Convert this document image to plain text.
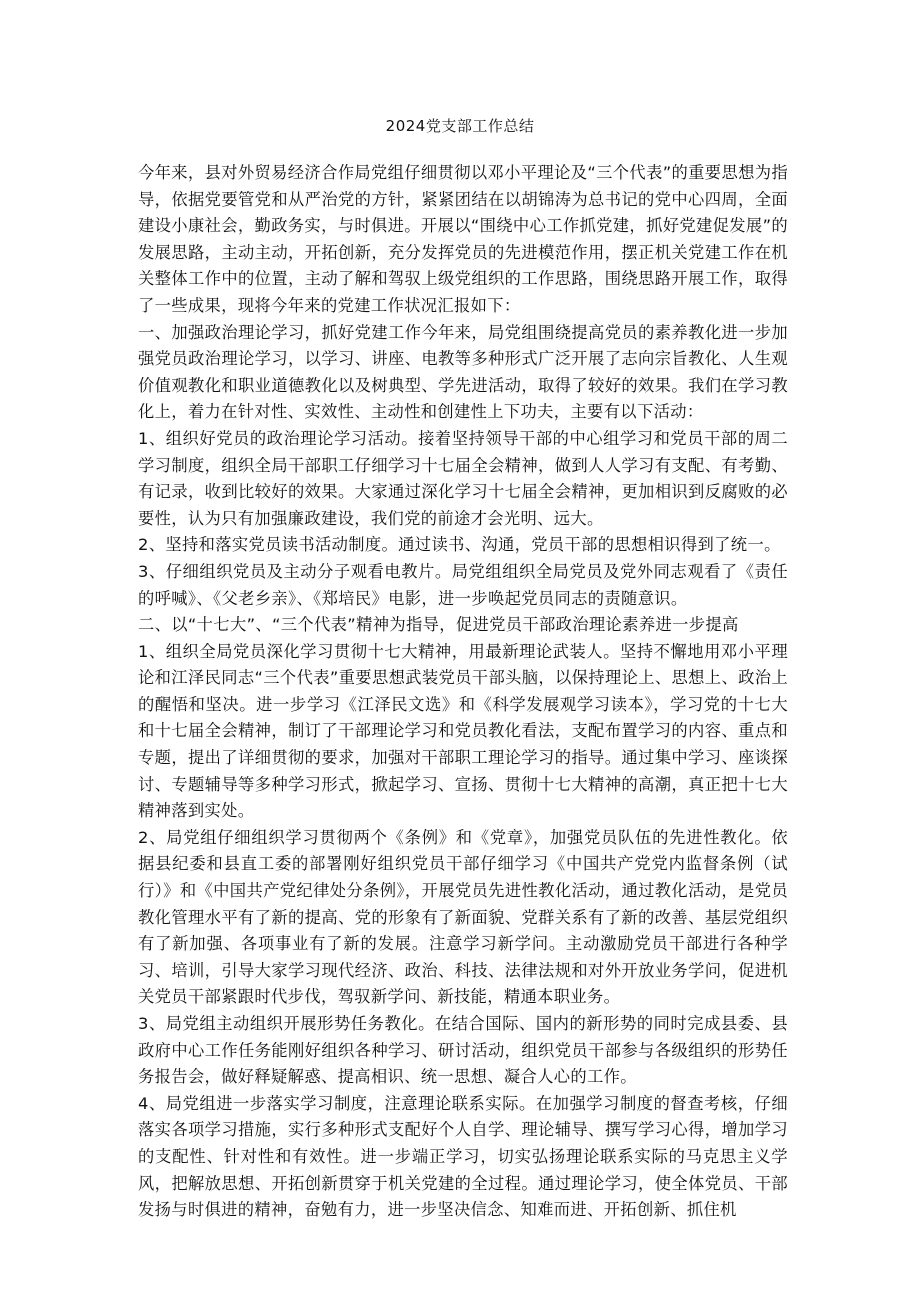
2024党支部工作总结

今年来，县对外贸易经济合作局党组仔细贯彻以邓小平理论及“三个代表”的重要思想为指导，依据党要管党和从严治党的方针，紧紧团结在以胡锦涛为总书记的党中心四周，全面建设小康社会，勤政务实，与时俱进。开展以“围绕中心工作抓党建，抓好党建促发展”的发展思路，主动主动，开拓创新，充分发挥党员的先进模范作用，摆正机关党建工作在机关整体工作中的位置，主动了解和驾驭上级党组织的工作思路，围绕思路开展工作，取得了一些成果，现将今年来的党建工作状况汇报如下：

一、加强政治理论学习，抓好党建工作今年来，局党组围绕提高党员的素养教化进一步加强党员政治理论学习，以学习、讲座、电教等多种形式广泛开展了志向宗旨教化、人生观价值观教化和职业道德教化以及树典型、学先进活动，取得了较好的效果。我们在学习教化上，着力在针对性、实效性、主动性和创建性上下功夫，主要有以下活动：

1、组织好党员的政治理论学习活动。接着坚持领导干部的中心组学习和党员干部的周二学习制度，组织全局干部职工仔细学习十七届全会精神，做到人人学习有支配、有考勤、有记录，收到比较好的效果。大家通过深化学习十七届全会精神，更加相识到反腐败的必要性，认为只有加强廉政建设，我们党的前途才会光明、远大。

2、坚持和落实党员读书活动制度。通过读书、沟通，党员干部的思想相识得到了统一。

3、仔细组织党员及主动分子观看电教片。局党组组织全局党员及党外同志观看了《责任的呼喊》、《父老乡亲》、《郑培民》电影，进一步唤起党员同志的责随意识。

二、以“十七大”、“三个代表”精神为指导，促进党员干部政治理论素养进一步提高

1、组织全局党员深化学习贯彻十七大精神，用最新理论武装人。坚持不懈地用邓小平理论和江泽民同志“三个代表”重要思想武装党员干部头脑，以保持理论上、思想上、政治上的醒悟和坚决。进一步学习《江泽民文选》和《科学发展观学习读本》，学习党的十七大和十七届全会精神，制订了干部理论学习和党员教化看法，支配布置学习的内容、重点和专题，提出了详细贯彻的要求，加强对干部职工理论学习的指导。通过集中学习、座谈探讨、专题辅导等多种学习形式，掀起学习、宣扬、贯彻十七大精神的高潮，真正把十七大精神落到实处。

2、局党组仔细组织学习贯彻两个《条例》和《党章》，加强党员队伍的先进性教化。依据县纪委和县直工委的部署刚好组织党员干部仔细学习《中国共产党党内监督条例（试行）》和《中国共产党纪律处分条例》，开展党员先进性教化活动，通过教化活动，是党员教化管理水平有了新的提高、党的形象有了新面貌、党群关系有了新的改善、基层党组织有了新加强、各项事业有了新的发展。注意学习新学问。主动激励党员干部进行各种学习、培训，引导大家学习现代经济、政治、科技、法律法规和对外开放业务学问，促进机关党员干部紧跟时代步伐，驾驭新学问、新技能，精通本职业务。

3、局党组主动组织开展形势任务教化。在结合国际、国内的新形势的同时完成县委、县政府中心工作任务能刚好组织各种学习、研讨活动，组织党员干部参与各级组织的形势任务报告会，做好释疑解惑、提高相识、统一思想、凝合人心的工作。

4、局党组进一步落实学习制度，注意理论联系实际。在加强学习制度的督查考核，仔细落实各项学习措施，实行多种形式支配好个人自学、理论辅导、撰写学习心得，增加学习的支配性、针对性和有效性。进一步端正学习，切实弘扬理论联系实际的马克思主义学风，把解放思想、开拓创新贯穿于机关党建的全过程。通过理论学习，使全体党员、干部发扬与时俱进的精神，奋勉有力，进一步坚决信念、知难而进、开拓创新、抓住机
